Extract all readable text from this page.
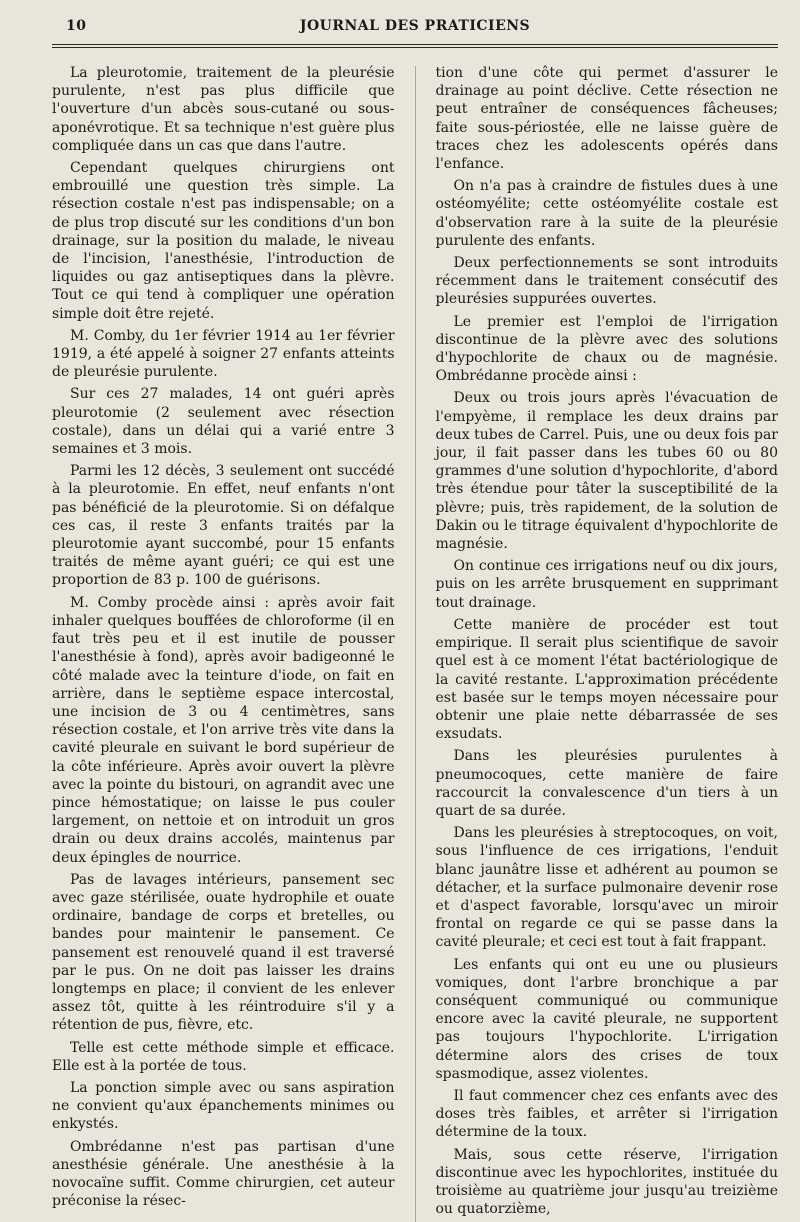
10	JOURNAL DES PRATICIENS

La pleurotomie, traitement de la pleurésie purulente, n'est pas plus difficile que l'ouverture d'un abcès sous-cutané ou sous-aponévrotique. Et sa technique n'est guère plus compliquée dans un cas que dans l'autre.

Cependant quelques chirurgiens ont embrouillé une question très simple. La résection costale n'est pas indispensable; on a de plus trop discuté sur les conditions d'un bon drainage, sur la position du malade, le niveau de l'incision, l'anesthésie, l'introduction de liquides ou gaz antiseptiques dans la plèvre. Tout ce qui tend à compliquer une opération simple doit être rejeté.

M. Comby, du 1er février 1914 au 1er février 1919, a été appelé à soigner 27 enfants atteints de pleurésie purulente.

Sur ces 27 malades, 14 ont guéri après pleurotomie (2 seulement avec résection costale), dans un délai qui a varié entre 3 semaines et 3 mois.

Parmi les 12 décès, 3 seulement ont succédé à la pleurotomie. En effet, neuf enfants n'ont pas bénéficié de la pleurotomie. Si on défalque ces cas, il reste 3 enfants traités par la pleurotomie ayant succombé, pour 15 enfants traités de même ayant guéri; ce qui est une proportion de 83 p. 100 de guérisons.

M. Comby procède ainsi : après avoir fait inhaler quelques bouffées de chloroforme (il en faut très peu et il est inutile de pousser l'anesthésie à fond), après avoir badigeonné le côté malade avec la teinture d'iode, on fait en arrière, dans le septième espace intercostal, une incision de 3 ou 4 centimètres, sans résection costale, et l'on arrive très vite dans la cavité pleurale en suivant le bord supérieur de la côte inférieure. Après avoir ouvert la plèvre avec la pointe du bistouri, on agrandit avec une pince hémostatique; on laisse le pus couler largement, on nettoie et on introduit un gros drain ou deux drains accolés, maintenus par deux épingles de nourrice.

Pas de lavages intérieurs, pansement sec avec gaze stérilisée, ouate hydrophile et ouate ordinaire, bandage de corps et bretelles, ou bandes pour maintenir le pansement. Ce pansement est renouvelé quand il est traversé par le pus. On ne doit pas laisser les drains longtemps en place; il convient de les enlever assez tôt, quitte à les réintroduire s'il y a rétention de pus, fièvre, etc.

Telle est cette méthode simple et efficace. Elle est à la portée de tous.

La ponction simple avec ou sans aspiration ne convient qu'aux épanchements minimes ou enkystés.

Ombrédanne n'est pas partisan d'une anesthésie générale. Une anesthésie à la novocaïne suffit. Comme chirurgien, cet auteur préconise la résec-

tion d'une côte qui permet d'assurer le drainage au point déclive. Cette résection ne peut entraîner de conséquences fâcheuses; faite sous-périostée, elle ne laisse guère de traces chez les adolescents opérés dans l'enfance.

On n'a pas à craindre de fistules dues à une ostéomyélite; cette ostéomyélite costale est d'observation rare à la suite de la pleurésie purulente des enfants.

Deux perfectionnements se sont introduits récemment dans le traitement consécutif des pleurésies suppurées ouvertes.

Le premier est l'emploi de l'irrigation discontinue de la plèvre avec des solutions d'hypochlorite de chaux ou de magnésie. Ombrédanne procède ainsi :

Deux ou trois jours après l'évacuation de l'empyème, il remplace les deux drains par deux tubes de Carrel. Puis, une ou deux fois par jour, il fait passer dans les tubes 60 ou 80 grammes d'une solution d'hypochlorite, d'abord très étendue pour tâter la susceptibilité de la plèvre; puis, très rapidement, de la solution de Dakin ou le titrage équivalent d'hypochlorite de magnésie.

On continue ces irrigations neuf ou dix jours, puis on les arrête brusquement en supprimant tout drainage.

Cette manière de procéder est tout empirique. Il serait plus scientifique de savoir quel est à ce moment l'état bactériologique de la cavité restante. L'approximation précédente est basée sur le temps moyen nécessaire pour obtenir une plaie nette débarrassée de ses exsudats.

Dans les pleurésies purulentes à pneumocoques, cette manière de faire raccourcit la convalescence d'un tiers à un quart de sa durée.

Dans les pleurésies à streptocoques, on voit, sous l'influence de ces irrigations, l'enduit blanc jaunâtre lisse et adhérent au poumon se détacher, et la surface pulmonaire devenir rose et d'aspect favorable, lorsqu'avec un miroir frontal on regarde ce qui se passe dans la cavité pleurale; et ceci est tout à fait frappant.

Les enfants qui ont eu une ou plusieurs vomiques, dont l'arbre bronchique a par conséquent communiqué ou communique encore avec la cavité pleurale, ne supportent pas toujours l'hypochlorite. L'irrigation détermine alors des crises de toux spasmodique, assez violentes.

Il faut commencer chez ces enfants avec des doses très faibles, et arrêter si l'irrigation détermine de la toux.

Mais, sous cette réserve, l'irrigation discontinue avec les hypochlorites, instituée du troisième au quatrième jour jusqu'au treizième ou quatorzième,
